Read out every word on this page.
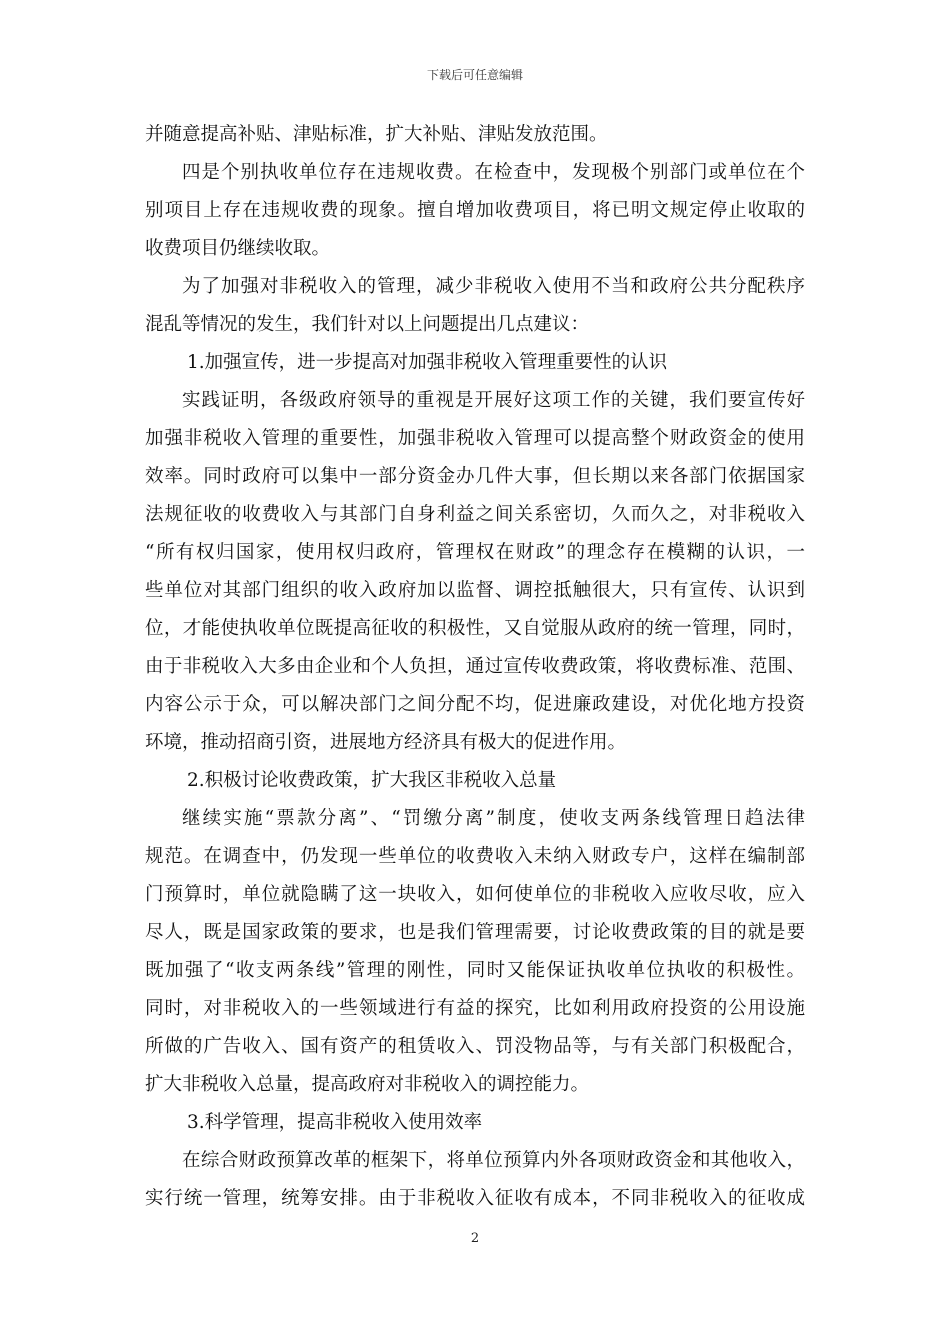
下载后可任意编辑
并随意提高补贴、津贴标准，扩大补贴、津贴发放范围。
四是个别执收单位存在违规收费。在检查中，发现极个别部门或单位在个
别项目上存在违规收费的现象。擅自增加收费项目，将已明文规定停止收取的
收费项目仍继续收取。
为了加强对非税收入的管理，减少非税收入使用不当和政府公共分配秩序
混乱等情况的发生，我们针对以上问题提出几点建议：
1.加强宣传，进一步提高对加强非税收入管理重要性的认识
实践证明，各级政府领导的重视是开展好这项工作的关键，我们要宣传好
加强非税收入管理的重要性，加强非税收入管理可以提高整个财政资金的使用
效率。同时政府可以集中一部分资金办几件大事，但长期以来各部门依据国家
法规征收的收费收入与其部门自身利益之间关系密切，久而久之，对非税收入
“所有权归国家，使用权归政府，管理权在财政”的理念存在模糊的认识，一
些单位对其部门组织的收入政府加以监督、调控抵触很大，只有宣传、认识到
位，才能使执收单位既提高征收的积极性，又自觉服从政府的统一管理，同时，
由于非税收入大多由企业和个人负担，通过宣传收费政策，将收费标准、范围、
内容公示于众，可以解决部门之间分配不均，促进廉政建设，对优化地方投资
环境，推动招商引资，进展地方经济具有极大的促进作用。
2.积极讨论收费政策，扩大我区非税收入总量
继续实施“票款分离”、“罚缴分离”制度，使收支两条线管理日趋法律
规范。在调查中，仍发现一些单位的收费收入未纳入财政专户，这样在编制部
门预算时，单位就隐瞒了这一块收入，如何使单位的非税收入应收尽收，应入
尽人，既是国家政策的要求，也是我们管理需要，讨论收费政策的目的就是要
既加强了“收支两条线”管理的刚性，同时又能保证执收单位执收的积极性。
同时，对非税收入的一些领域进行有益的探究，比如利用政府投资的公用设施
所做的广告收入、国有资产的租赁收入、罚没物品等，与有关部门积极配合，
扩大非税收入总量，提高政府对非税收入的调控能力。
3.科学管理，提高非税收入使用效率
在综合财政预算改革的框架下，将单位预算内外各项财政资金和其他收入，
实行统一管理，统筹安排。由于非税收入征收有成本，不同非税收入的征收成
2
